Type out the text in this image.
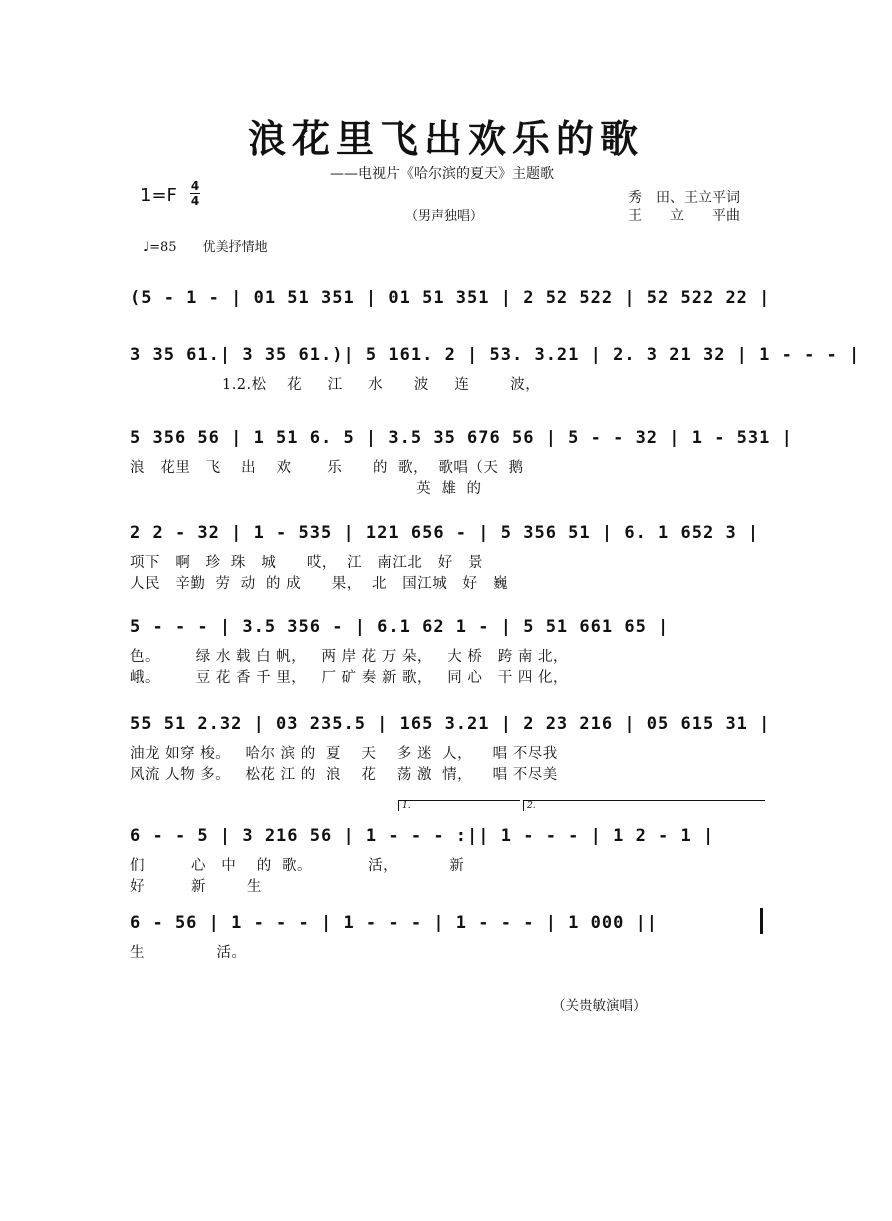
浪花里飞出欢乐的歌
——电视片《哈尔滨的夏天》主题歌
1=F 4
4
（男声独唱）
秀　田、王立平词
王　　立　　平曲
♩=85　　优美抒情地
(5 - 1 - | 01 51 351 | 01 51 351 | 2 52 522 | 52 522 22 |
3 35 61.| 3 35 61.)| 5 161. 2 | 53. 3.21 | 2. 3 21 32 | 1 - - - |
1.2.松    花     江     水      波     连        波，
5 356 56 | 1 51 6. 5 | 3.5 35 676 56 | 5 - - 32 | 1 - 531 |
浪   花里   飞    出    欢       乐      的  歌，  歌唱（天  鹅
英  雄  的
2 2 - 32 | 1 - 535 | 121 656 - | 5 356 51 | 6. 1 652 3 |
项下   啊   珍  珠   城      哎，  江   南江北   好   景
人民   辛勤  劳  动  的 成      果，  北   国江城   好   巍
5 - - - | 3.5 356 - | 6.1 62 1 - | 5 51 661 65 |
色。       绿 水 载 白 帆，   两 岸 花 万 朵，   大 桥   跨 南 北，
峨。       豆 花 香 千 里，   厂 矿 奏 新 歌，   同 心   干 四 化，
55 51 2.32 | 03 235.5 | 165 3.21 | 2 23 216 | 05 615 31 |
油龙 如穿 梭。   哈尔 滨 的  夏    天    多 迷  人，    唱 不尽我
风流 人物 多。   松花 江 的  浪    花    荡 激  情，    唱 不尽美
1.	2.
6 - - 5 | 3 216 56 | 1 - - - :|| 1 - - - | 1 2 - 1 |
们         心   中    的  歌。           活，          新
好         新        生
6 - 56 | 1 - - - | 1 - - - | 1 - - - | 1 000 ||
生              活。
（关贵敏演唱）
